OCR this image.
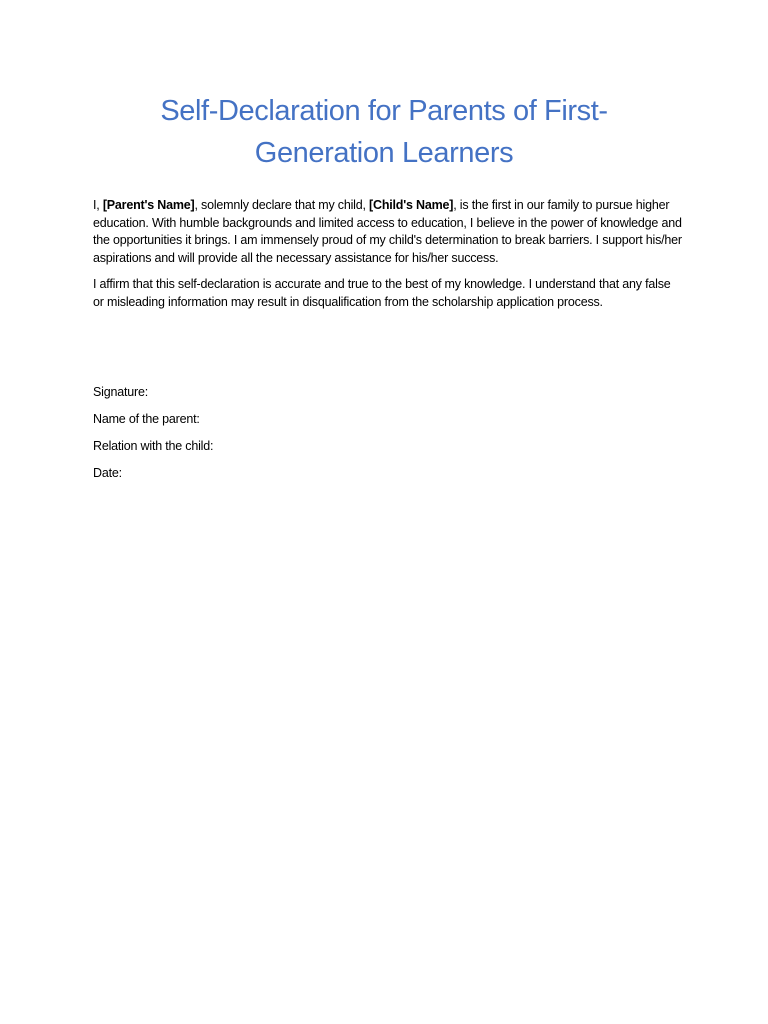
Self-Declaration for Parents of First-Generation Learners

I, [Parent's Name], solemnly declare that my child, [Child's Name], is the first in our family to pursue higher education. With humble backgrounds and limited access to education, I believe in the power of knowledge and the opportunities it brings. I am immensely proud of my child's determination to break barriers. I support his/her aspirations and will provide all the necessary assistance for his/her success.

I affirm that this self-declaration is accurate and true to the best of my knowledge. I understand that any false or misleading information may result in disqualification from the scholarship application process.

Signature:
Name of the parent:
Relation with the child:
Date:
